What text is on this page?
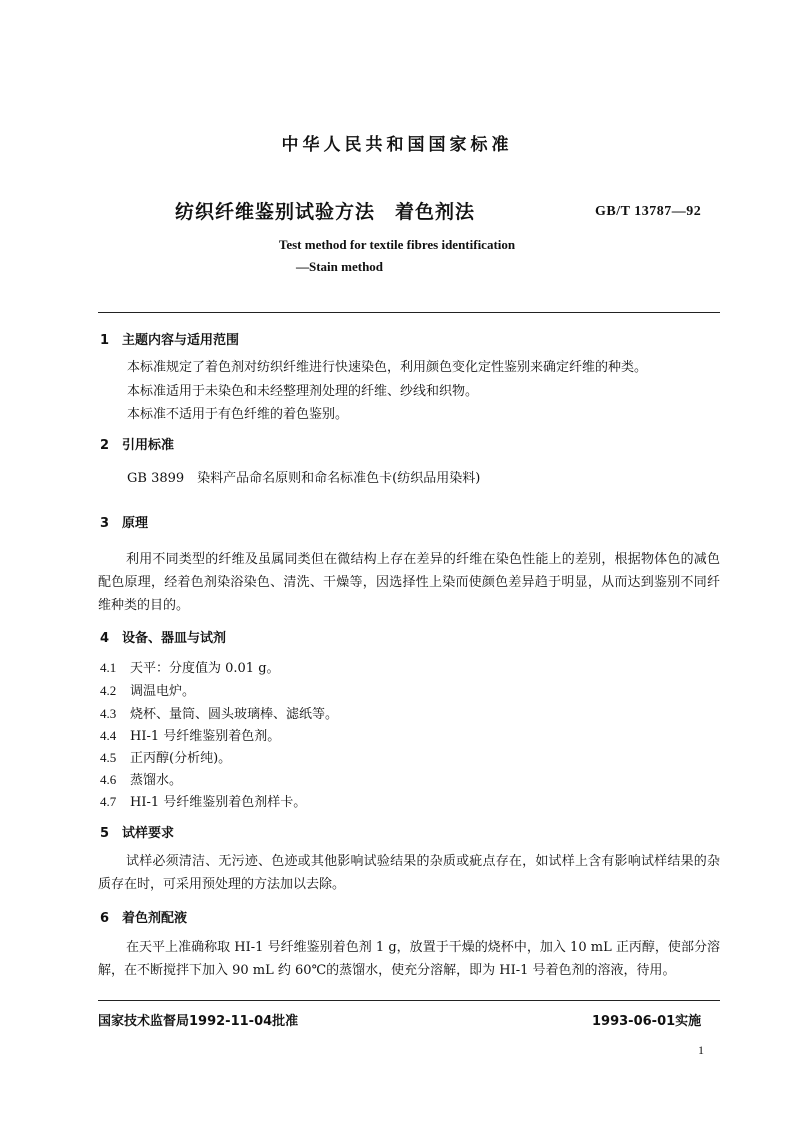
中华人民共和国国家标准
纺织纤维鉴别试验方法　着色剂法	GB/T 13787—92
Test method for textile fibres identification
—Stain method
1 主题内容与适用范围
本标准规定了着色剂对纺织纤维进行快速染色，利用颜色变化定性鉴别来确定纤维的种类。
本标准适用于未染色和未经整理剂处理的纤维、纱线和织物。
本标准不适用于有色纤维的着色鉴别。
2 引用标准
GB 3899　染料产品命名原则和命名标准色卡(纺织品用染料)
3 原理
利用不同类型的纤维及虽属同类但在微结构上存在差异的纤维在染色性能上的差别，根据物体色的减色配色原理，经着色剂染浴染色、清洗、干燥等，因选择性上染而使颜色差异趋于明显，从而达到鉴别不同纤维种类的目的。
4 设备、器皿与试剂
4.1 天平：分度值为 0.01 g。
4.2 调温电炉。
4.3 烧杯、量筒、圆头玻璃棒、滤纸等。
4.4 HI-1 号纤维鉴别着色剂。
4.5 正丙醇(分析纯)。
4.6 蒸馏水。
4.7 HI-1 号纤维鉴别着色剂样卡。
5 试样要求
试样必须清洁、无污迹、色迹或其他影响试验结果的杂质或疵点存在，如试样上含有影响试样结果的杂质存在时，可采用预处理的方法加以去除。
6 着色剂配液
在天平上准确称取 HI-1 号纤维鉴别着色剂 1 g，放置于干燥的烧杯中，加入 10 mL 正丙醇，使部分溶解，在不断搅拌下加入 90 mL 约 60℃的蒸馏水，使充分溶解，即为 HI-1 号着色剂的溶液，待用。
国家技术监督局1992-11-04批准	1993-06-01实施
1
